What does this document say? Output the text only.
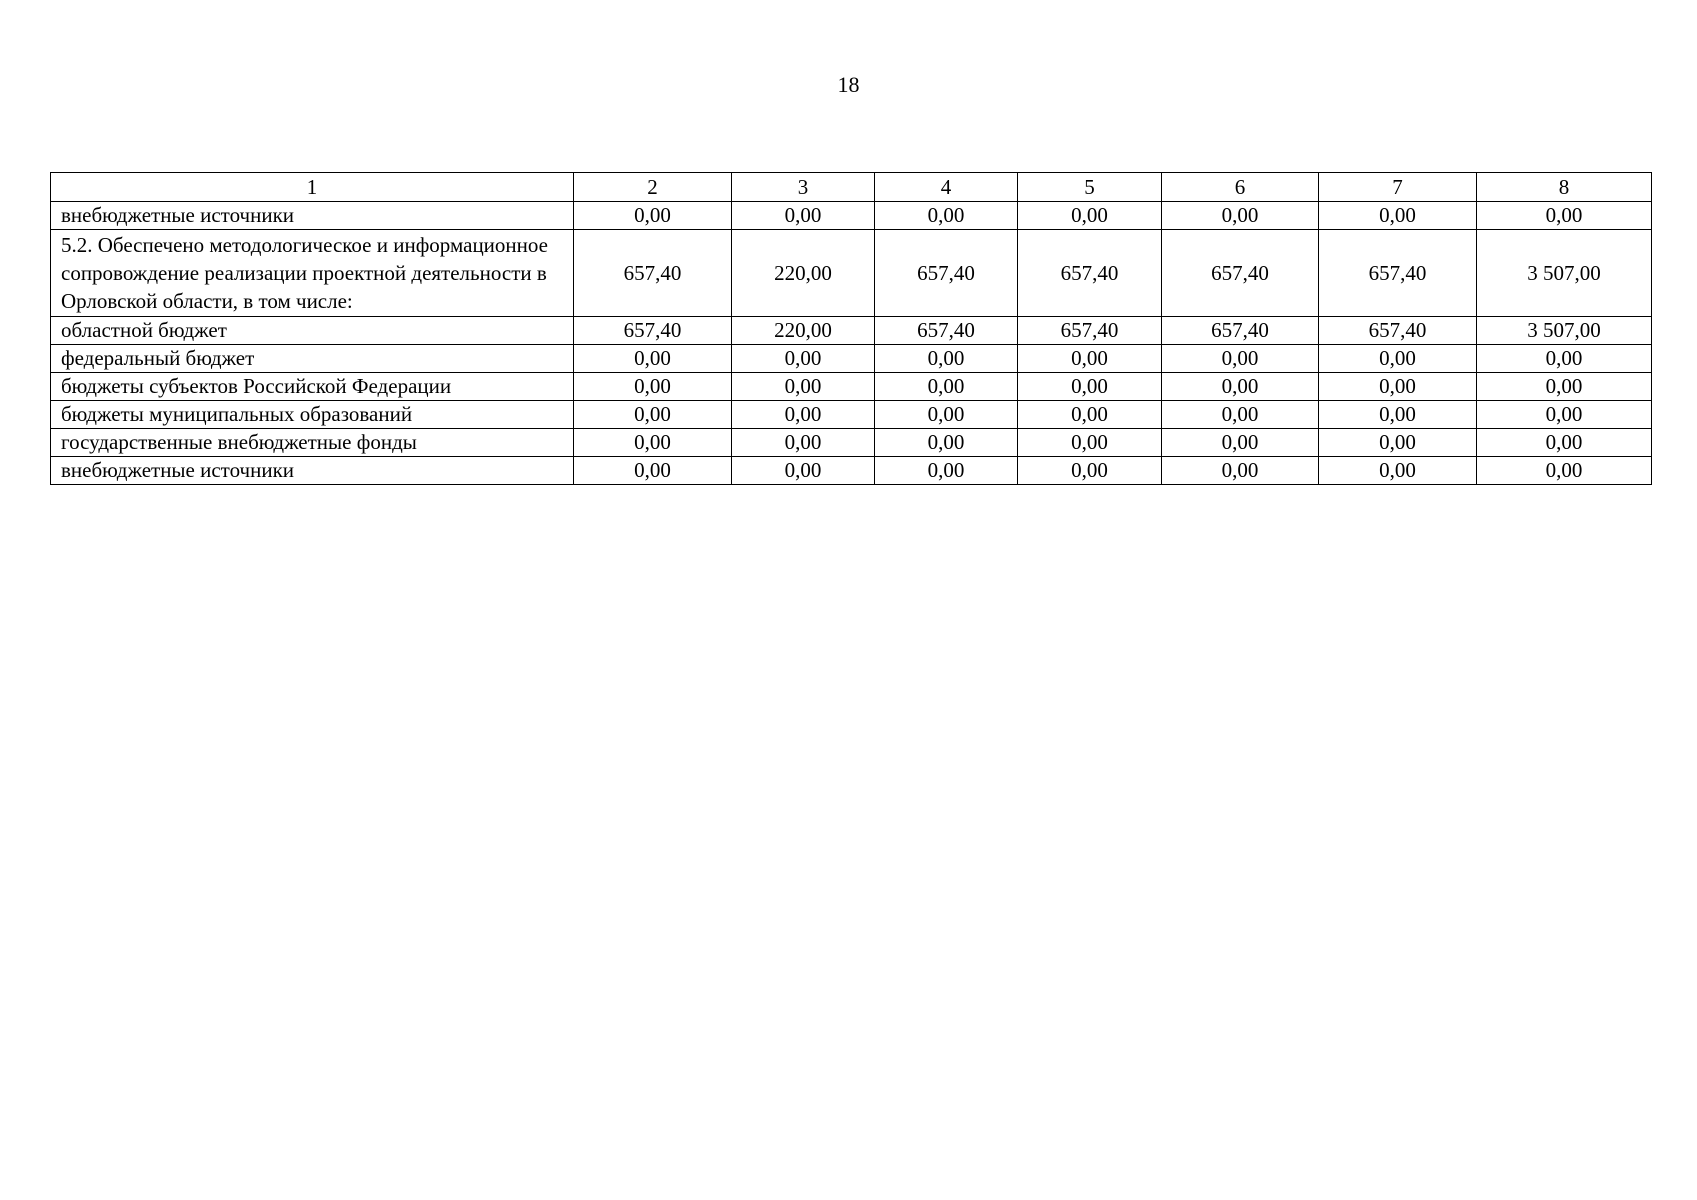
18
1	2	3	4	5	6	7	8
внебюджетные источники	0,00	0,00	0,00	0,00	0,00	0,00	0,00
5.2. Обеспечено методологическое и информационное сопровождение реализации проектной деятельности в Орловской области, в том числе:	657,40	220,00	657,40	657,40	657,40	657,40	3 507,00
областной бюджет	657,40	220,00	657,40	657,40	657,40	657,40	3 507,00
федеральный бюджет	0,00	0,00	0,00	0,00	0,00	0,00	0,00
бюджеты субъектов Российской Федерации	0,00	0,00	0,00	0,00	0,00	0,00	0,00
бюджеты муниципальных образований	0,00	0,00	0,00	0,00	0,00	0,00	0,00
государственные внебюджетные фонды	0,00	0,00	0,00	0,00	0,00	0,00	0,00
внебюджетные источники	0,00	0,00	0,00	0,00	0,00	0,00	0,00
